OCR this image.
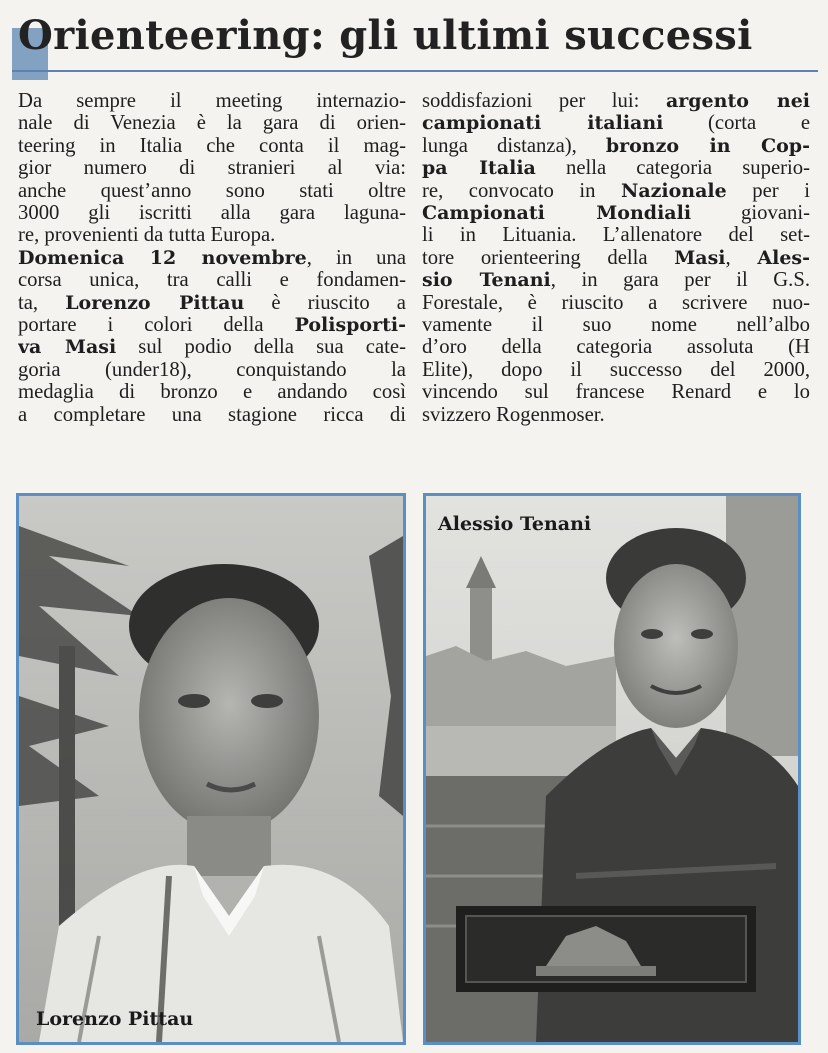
Orienteering: gli ultimi successi
Da sempre il meeting internazio-
nale di Venezia è la gara di orien-
teering in Italia che conta il mag-
gior numero di stranieri al via:
anche quest’anno sono stati oltre
3000 gli iscritti alla gara laguna-
re, provenienti da tutta Europa.
Domenica 12 novembre, in una
corsa unica, tra calli e fondamen-
ta, Lorenzo Pittau è riuscito a
portare i colori della Polisporti-
va Masi sul podio della sua cate-
goria (under18), conquistando la
medaglia di bronzo e andando così
a completare una stagione ricca di
soddisfazioni per lui: argento nei
campionati italiani (corta e
lunga distanza), bronzo in Cop-
pa Italia nella categoria superio-
re, convocato in Nazionale per i
Campionati Mondiali giovani-
li in Lituania. L’allenatore del set-
tore orienteering della Masi, Ales-
sio Tenani, in gara per il G.S.
Forestale, è riuscito a scrivere nuo-
vamente il suo nome nell’albo
d’oro della categoria assoluta (H
Elite), dopo il successo del 2000,
vincendo sul francese Renard e lo
svizzero Rogenmoser.
Lorenzo Pittau
Alessio Tenani
